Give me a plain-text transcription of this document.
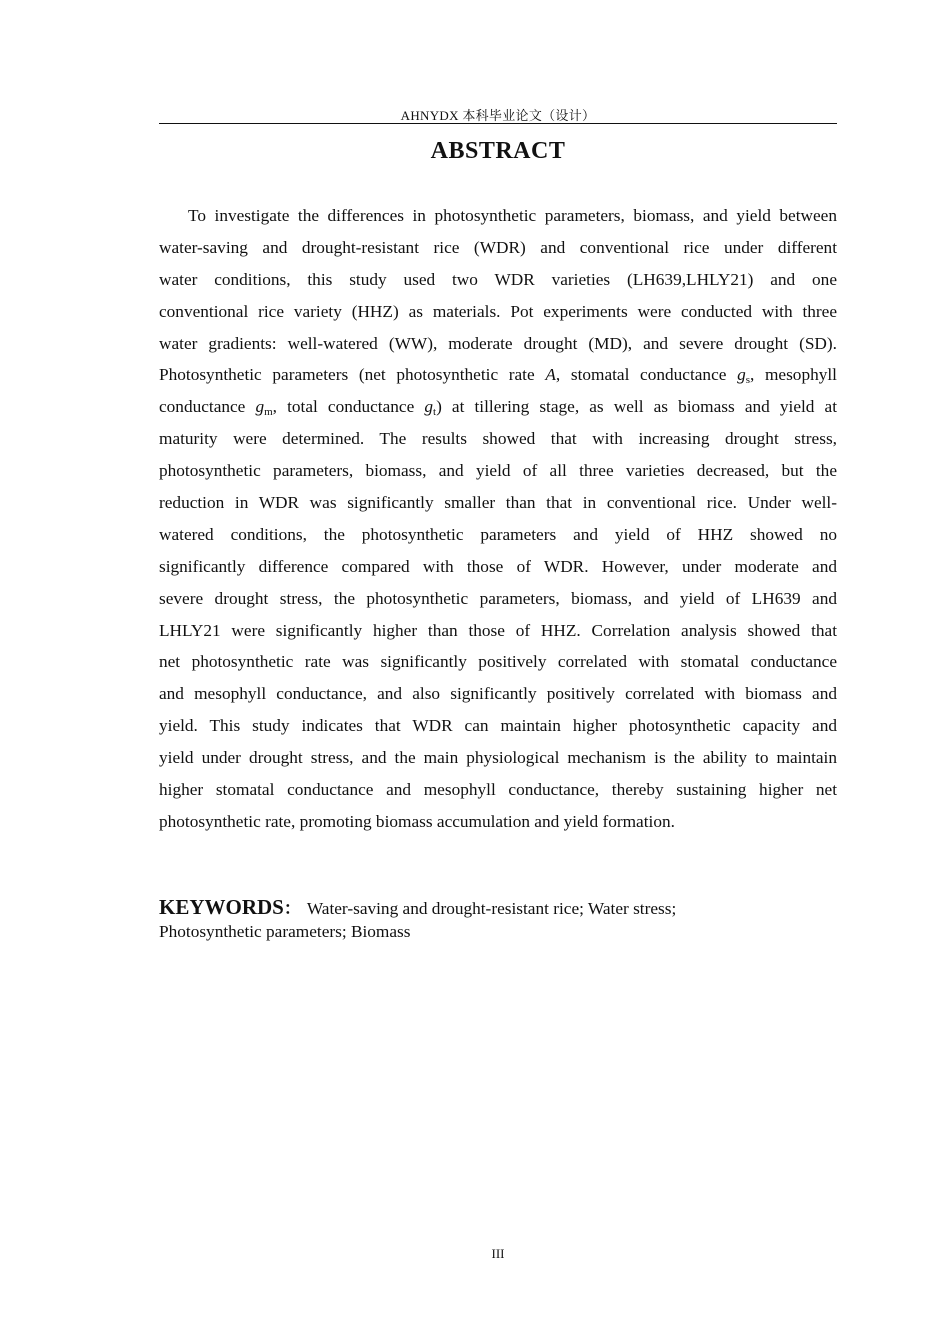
AHNYDX 本科毕业论文（设计）
ABSTRACT
To investigate the differences in photosynthetic parameters, biomass, and yield between
water-saving and drought-resistant rice (WDR) and conventional rice under different
water conditions, this study used two WDR varieties (LH639,LHLY21) and one
conventional rice variety (HHZ) as materials. Pot experiments were conducted with three
water gradients: well-watered (WW), moderate drought (MD), and severe drought (SD).
Photosynthetic parameters (net photosynthetic rate A, stomatal conductance $g_s$, mesophyll
conductance $g_m$, total conductance $g_t$) at tillering stage, as well as biomass and yield at
maturity were determined. The results showed that with increasing drought stress,
photosynthetic parameters, biomass, and yield of all three varieties decreased, but the
reduction in WDR was significantly smaller than that in conventional rice. Under well-
watered conditions, the photosynthetic parameters and yield of HHZ showed no
significantly difference compared with those of WDR. However, under moderate and
severe drought stress, the photosynthetic parameters, biomass, and yield of LH639 and
LHLY21 were significantly higher than those of HHZ. Correlation analysis showed that
net photosynthetic rate was significantly positively correlated with stomatal conductance
and mesophyll conductance, and also significantly positively correlated with biomass and
yield. This study indicates that WDR can maintain higher photosynthetic capacity and
yield under drought stress, and the main physiological mechanism is the ability to maintain
higher stomatal conductance and mesophyll conductance, thereby sustaining higher net
photosynthetic rate, promoting biomass accumulation and yield formation.
KEYWORDS： Water-saving and drought-resistant rice; Water stress;
Photosynthetic parameters; Biomass
III
